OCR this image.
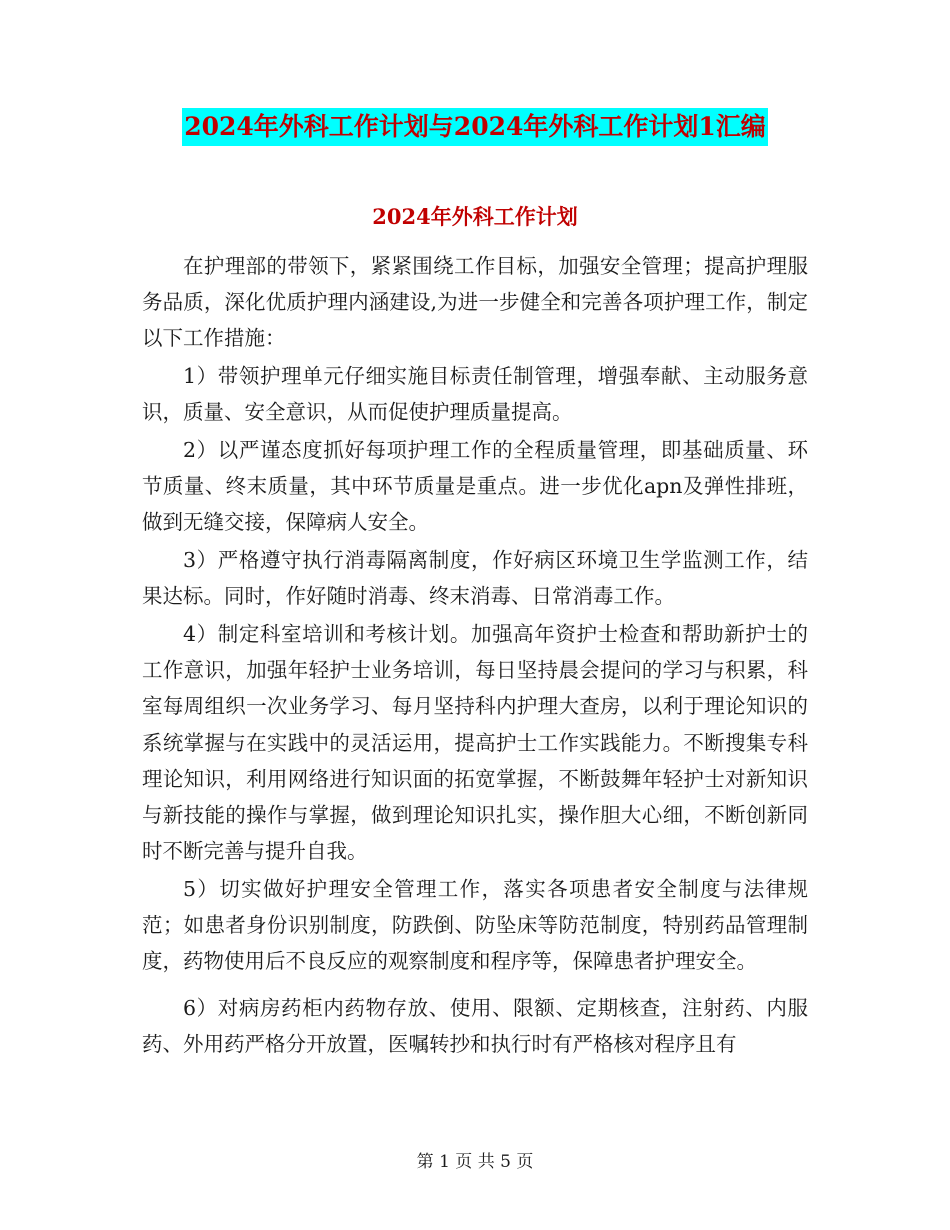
2024年外科工作计划与2024年外科工作计划1汇编
2024年外科工作计划

在护理部的带领下，紧紧围绕工作目标，加强安全管理；提高护理服务品质，深化优质护理内涵建设,为进一步健全和完善各项护理工作，制定以下工作措施：

1）带领护理单元仔细实施目标责任制管理，增强奉献、主动服务意识，质量、安全意识，从而促使护理质量提高。

2）以严谨态度抓好每项护理工作的全程质量管理，即基础质量、环节质量、终末质量，其中环节质量是重点。进一步优化apn及弹性排班，做到无缝交接，保障病人安全。

3）严格遵守执行消毒隔离制度，作好病区环境卫生学监测工作，结果达标。同时，作好随时消毒、终末消毒、日常消毒工作。

4）制定科室培训和考核计划。加强高年资护士检查和帮助新护士的工作意识，加强年轻护士业务培训，每日坚持晨会提问的学习与积累，科室每周组织一次业务学习、每月坚持科内护理大查房，以利于理论知识的系统掌握与在实践中的灵活运用，提高护士工作实践能力。不断搜集专科理论知识，利用网络进行知识面的拓宽掌握，不断鼓舞年轻护士对新知识与新技能的操作与掌握，做到理论知识扎实，操作胆大心细，不断创新同时不断完善与提升自我。

5）切实做好护理安全管理工作，落实各项患者安全制度与法律规范；如患者身份识别制度，防跌倒、防坠床等防范制度，特别药品管理制度，药物使用后不良反应的观察制度和程序等，保障患者护理安全。

6）对病房药柜内药物存放、使用、限额、定期核查，注射药、内服药、外用药严格分开放置，医嘱转抄和执行时有严格核对程序且有

第 1 页 共 5 页
